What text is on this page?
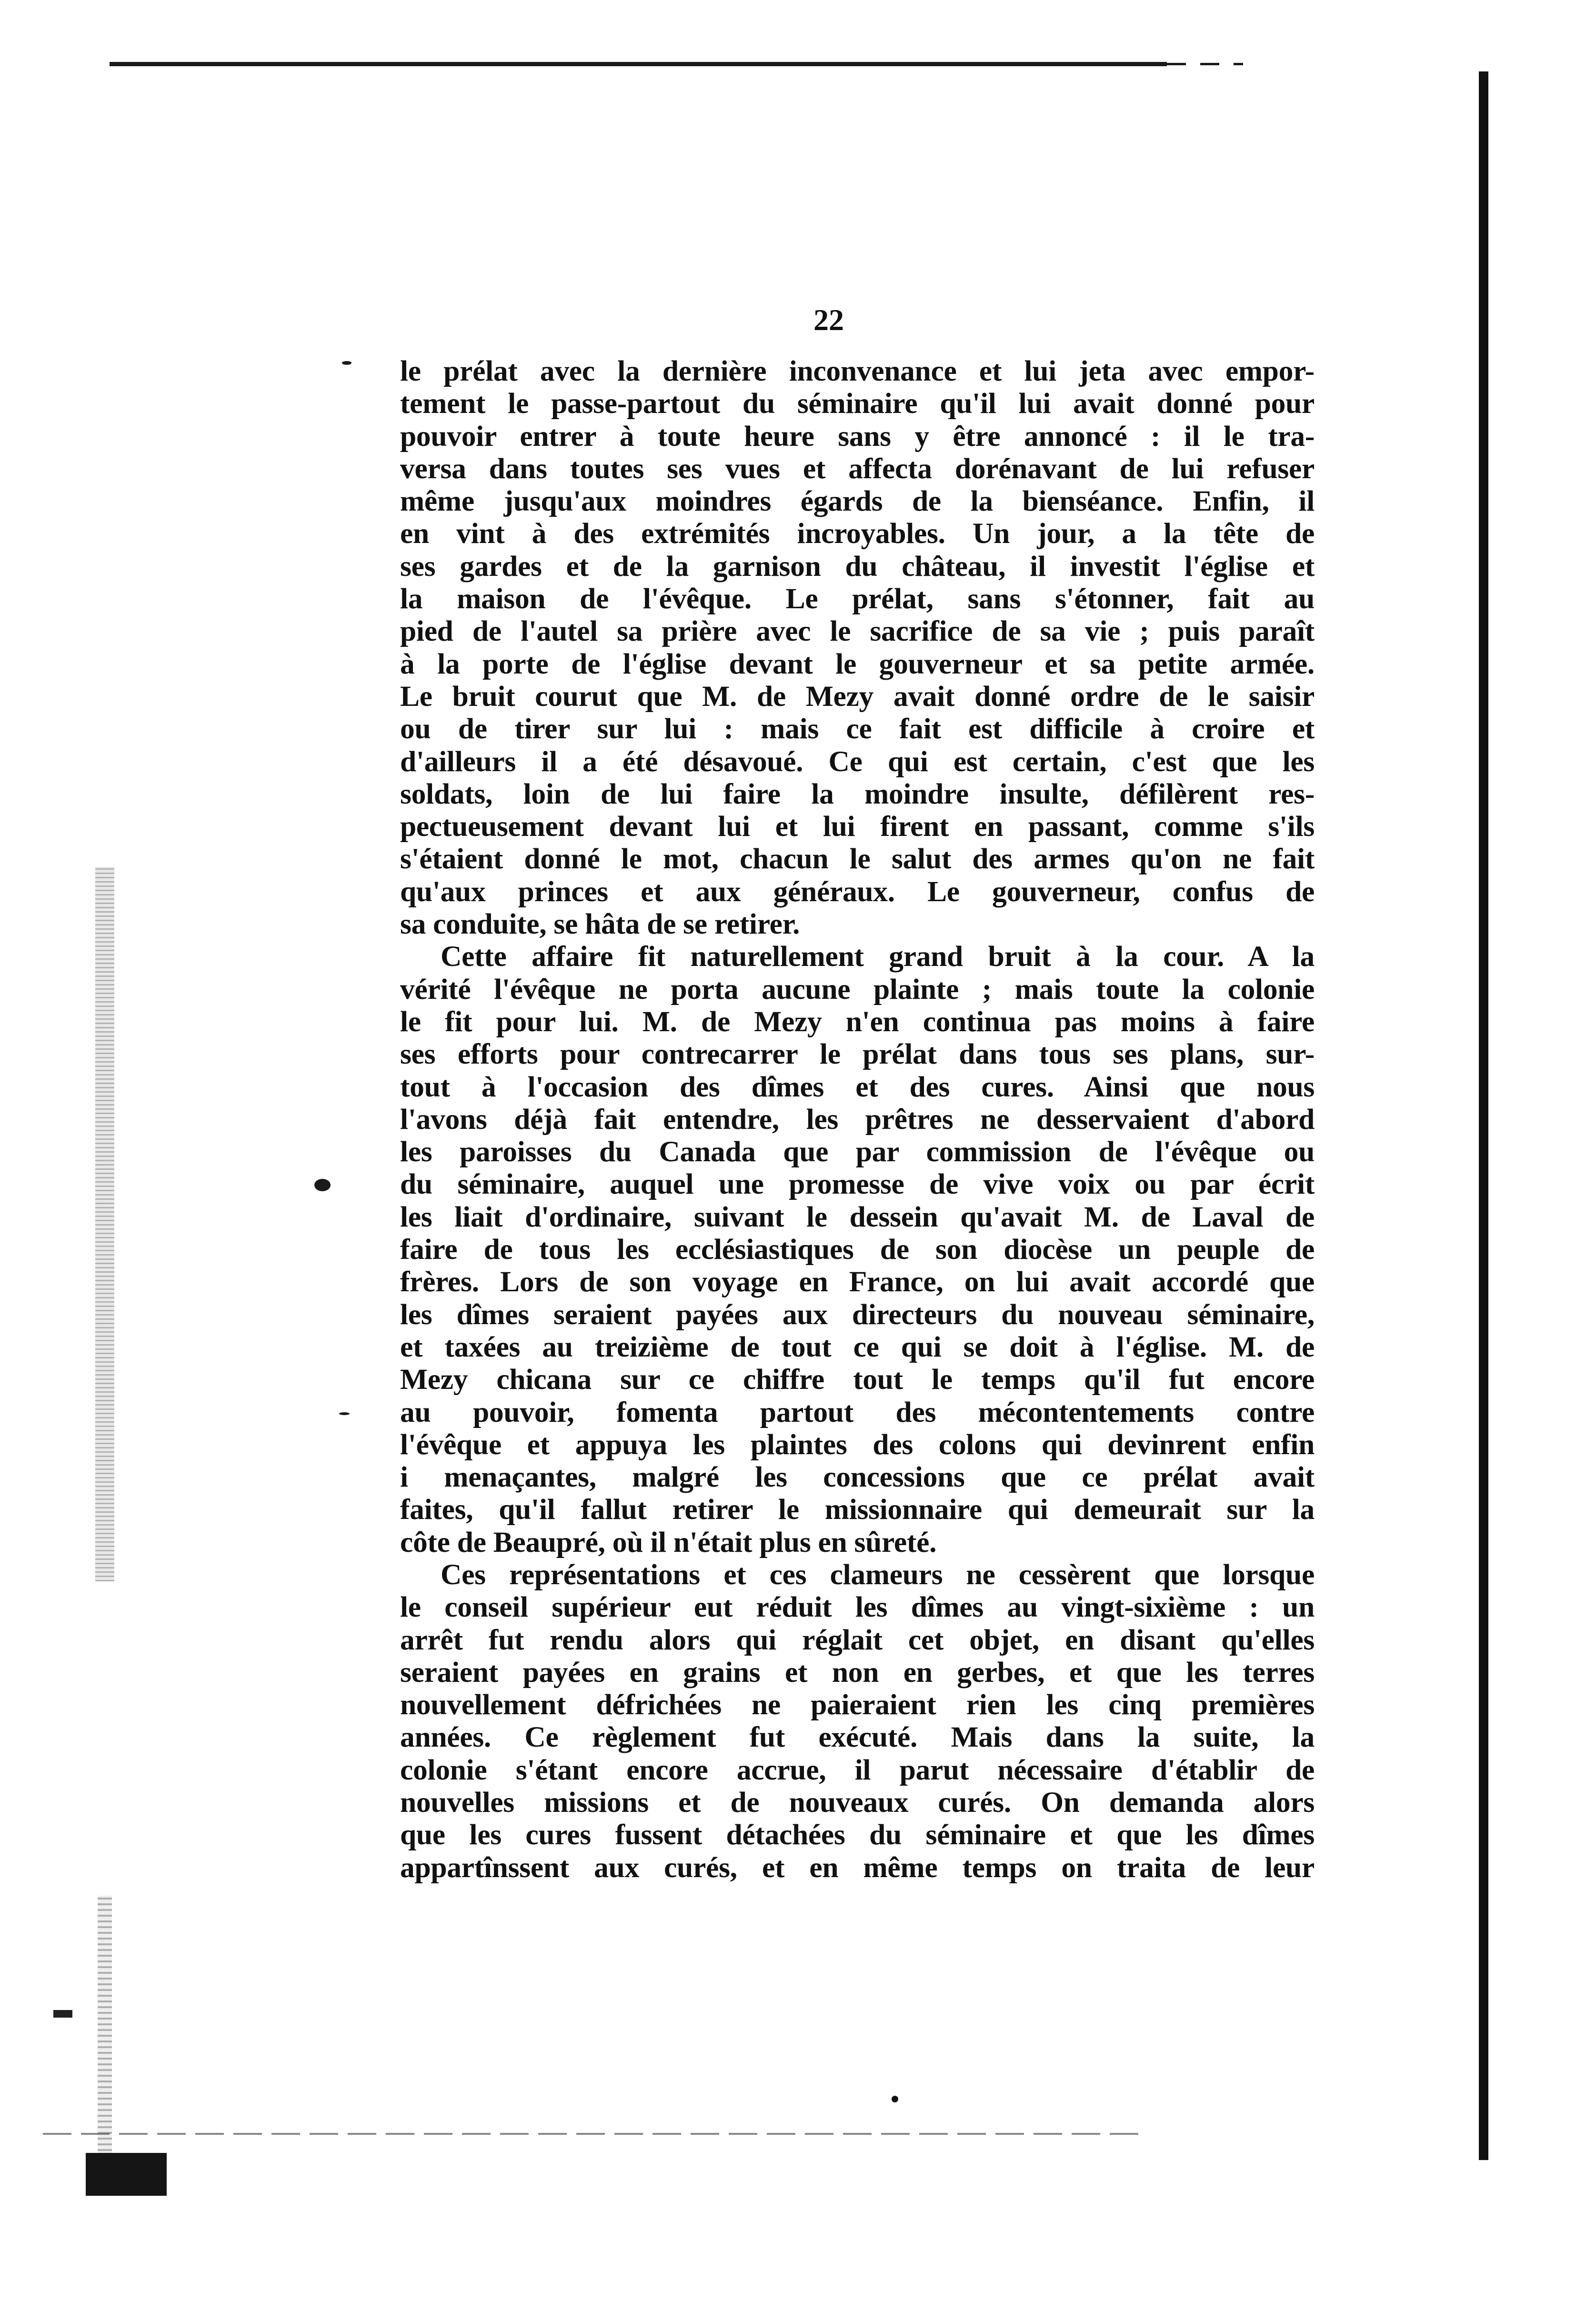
22
le prélat avec la dernière inconvenance et lui jeta avec empor-
tement le passe-partout du séminaire qu'il lui avait donné pour
pouvoir entrer à toute heure sans y être annoncé : il le tra-
versa dans toutes ses vues et affecta dorénavant de lui refuser
même jusqu'aux moindres égards de la bienséance. Enfin, il
en vint à des extrémités incroyables. Un jour, a la tête de
ses gardes et de la garnison du château, il investit l'église et
la maison de l'évêque. Le prélat, sans s'étonner, fait au
pied de l'autel sa prière avec le sacrifice de sa vie ; puis paraît
à la porte de l'église devant le gouverneur et sa petite armée.
Le bruit courut que M. de Mezy avait donné ordre de le saisir
ou de tirer sur lui : mais ce fait est difficile à croire et
d'ailleurs il a été désavoué. Ce qui est certain, c'est que les
soldats, loin de lui faire la moindre insulte, défilèrent res-
pectueusement devant lui et lui firent en passant, comme s'ils
s'étaient donné le mot, chacun le salut des armes qu'on ne fait
qu'aux princes et aux généraux. Le gouverneur, confus de
sa conduite, se hâta de se retirer.
Cette affaire fit naturellement grand bruit à la cour. A la
vérité l'évêque ne porta aucune plainte ; mais toute la colonie
le fit pour lui. M. de Mezy n'en continua pas moins à faire
ses efforts pour contrecarrer le prélat dans tous ses plans, sur-
tout à l'occasion des dîmes et des cures. Ainsi que nous
l'avons déjà fait entendre, les prêtres ne desservaient d'abord
les paroisses du Canada que par commission de l'évêque ou
du séminaire, auquel une promesse de vive voix ou par écrit
les liait d'ordinaire, suivant le dessein qu'avait M. de Laval de
faire de tous les ecclésiastiques de son diocèse un peuple de
frères. Lors de son voyage en France, on lui avait accordé que
les dîmes seraient payées aux directeurs du nouveau séminaire,
et taxées au treizième de tout ce qui se doit à l'église. M. de
Mezy chicana sur ce chiffre tout le temps qu'il fut encore
au pouvoir, fomenta partout des mécontentements contre
l'évêque et appuya les plaintes des colons qui devinrent enfin
i menaçantes, malgré les concessions que ce prélat avait
faites, qu'il fallut retirer le missionnaire qui demeurait sur la
côte de Beaupré, où il n'était plus en sûreté.
Ces représentations et ces clameurs ne cessèrent que lorsque
le conseil supérieur eut réduit les dîmes au vingt-sixième : un
arrêt fut rendu alors qui réglait cet objet, en disant qu'elles
seraient payées en grains et non en gerbes, et que les terres
nouvellement défrichées ne paieraient rien les cinq premières
années. Ce règlement fut exécuté. Mais dans la suite, la
colonie s'étant encore accrue, il parut nécessaire d'établir de
nouvelles missions et de nouveaux curés. On demanda alors
que les cures fussent détachées du séminaire et que les dîmes
appartînssent aux curés, et en même temps on traita de leur
